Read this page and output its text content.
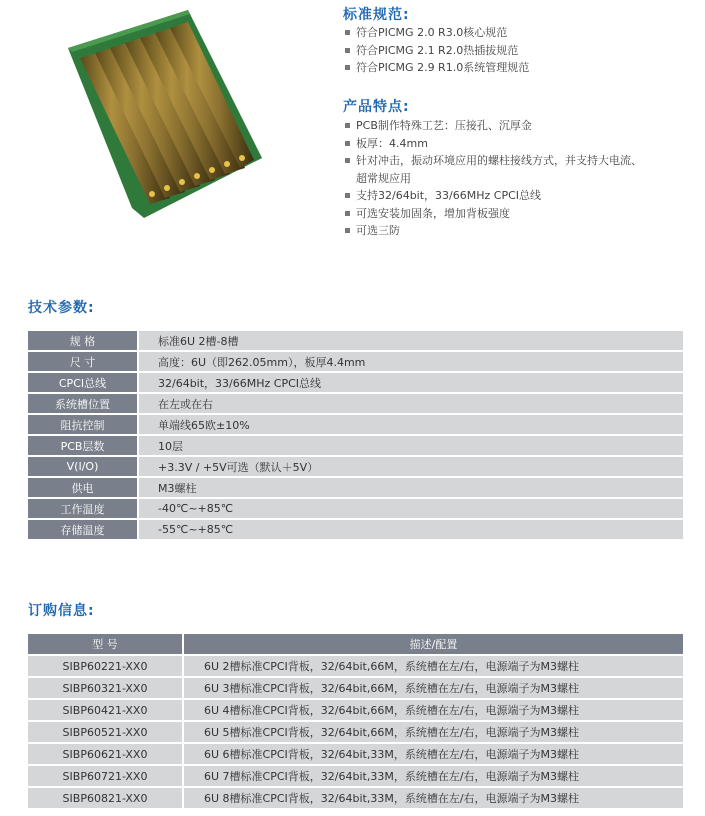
标准规范:
符合PICMG 2.0 R3.0核心规范
符合PICMG 2.1 R2.0热插拔规范
符合PICMG 2.9 R1.0系统管理规范
产品特点:
PCB制作特殊工艺：压接孔、沉厚金
板厚：4.4mm
针对冲击，振动环境应用的螺柱接线方式，并支持大电流、
超常规应用
支持32/64bit，33/66MHz CPCI总线
可选安装加固条，增加背板强度
可选三防
技术参数:
规 格	标准6U 2槽-8槽
尺 寸	高度：6U（即262.05mm），板厚4.4mm
CPCI总线	32/64bit，33/66MHz CPCI总线
系统槽位置	在左或在右
阻抗控制	单端线65欧±10%
PCB层数	10层
V(I/O)	+3.3V / +5V可选（默认＋5V）
供电	M3螺柱
工作温度	-40℃~+85℃
存储温度	-55℃~+85℃
订购信息:
型 号	描述/配置
SIBP60221-XX0	6U 2槽标准CPCI背板，32/64bit,66M，系统槽在左/右，电源端子为M3螺柱
SIBP60321-XX0	6U 3槽标准CPCI背板，32/64bit,66M，系统槽在左/右，电源端子为M3螺柱
SIBP60421-XX0	6U 4槽标准CPCI背板，32/64bit,66M，系统槽在左/右，电源端子为M3螺柱
SIBP60521-XX0	6U 5槽标准CPCI背板，32/64bit,66M，系统槽在左/右，电源端子为M3螺柱
SIBP60621-XX0	6U 6槽标准CPCI背板，32/64bit,33M，系统槽在左/右，电源端子为M3螺柱
SIBP60721-XX0	6U 7槽标准CPCI背板，32/64bit,33M，系统槽在左/右，电源端子为M3螺柱
SIBP60821-XX0	6U 8槽标准CPCI背板，32/64bit,33M，系统槽在左/右，电源端子为M3螺柱
